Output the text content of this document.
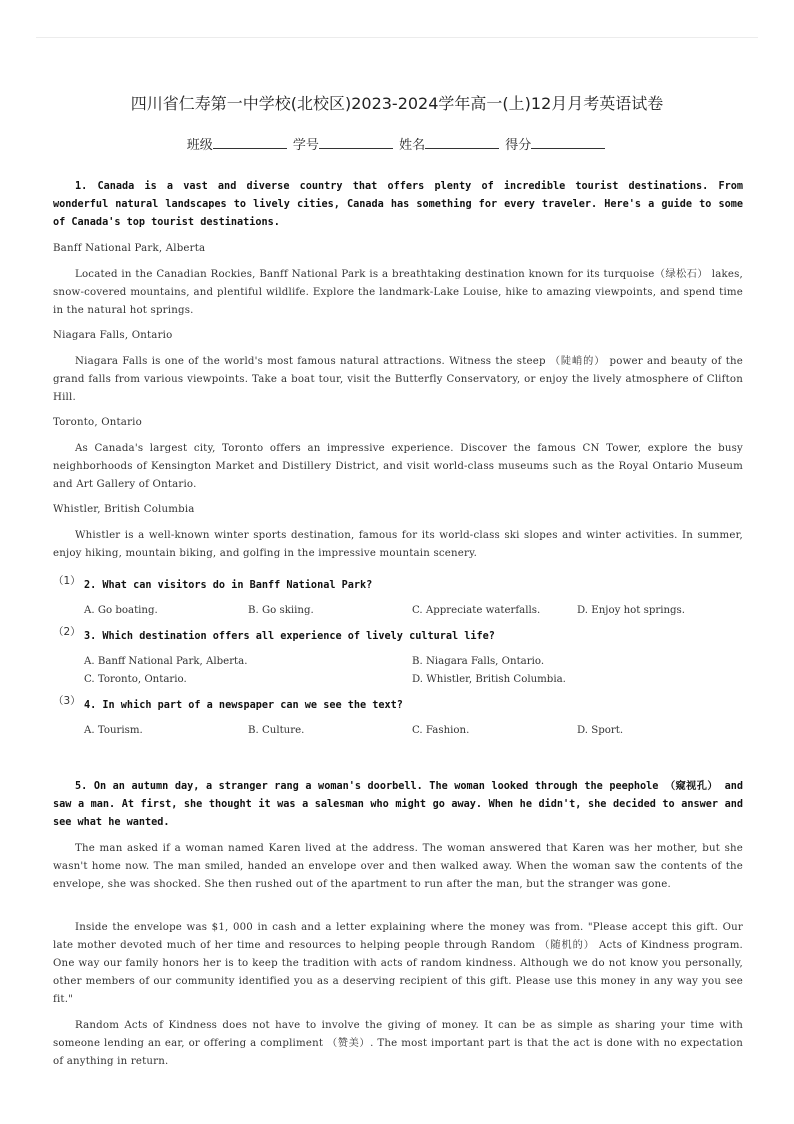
四川省仁寿第一中学校(北校区)2023-2024学年高一(上)12月月考英语试卷
班级	学号	姓名	得分
1. Canada is a vast and diverse country that offers plenty of incredible tourist destinations. From wonderful natural landscapes to lively cities, Canada has something for every traveler. Here's a guide to some of Canada's top tourist destinations.
Banff National Park, Alberta
Located in the Canadian Rockies, Banff National Park is a breathtaking destination known for its turquoise（绿松石） lakes, snow-covered mountains, and plentiful wildlife. Explore the landmark-Lake Louise, hike to amazing viewpoints, and spend time in the natural hot springs.
Niagara Falls, Ontario
Niagara Falls is one of the world's most famous natural attractions. Witness the steep （陡峭的） power and beauty of the grand falls from various viewpoints. Take a boat tour, visit the Butterfly Conservatory, or enjoy the lively atmosphere of Clifton Hill.
Toronto, Ontario
As Canada's largest city, Toronto offers an impressive experience. Discover the famous CN Tower, explore the busy neighborhoods of Kensington Market and Distillery District, and visit world-class museums such as the Royal Ontario Museum and Art Gallery of Ontario.
Whistler, British Columbia
Whistler is a well-known winter sports destination, famous for its world-class ski slopes and winter activities. In summer, enjoy hiking, mountain biking, and golfing in the impressive mountain scenery.
（1） 2. What can visitors do in Banff National Park?
A. Go boating.	B. Go skiing.	C. Appreciate waterfalls.	D. Enjoy hot springs.
（2） 3. Which destination offers all experience of lively cultural life?
A. Banff National Park, Alberta.	B. Niagara Falls, Ontario.
C. Toronto, Ontario.	D. Whistler, British Columbia.
（3） 4. In which part of a newspaper can we see the text?
A. Tourism.	B. Culture.	C. Fashion.	D. Sport.
5. On an autumn day, a stranger rang a woman's doorbell. The woman looked through the peephole （窥视孔） and saw a man. At first, she thought it was a salesman who might go away. When he didn't, she decided to answer and see what he wanted.
The man asked if a woman named Karen lived at the address. The woman answered that Karen was her mother, but she wasn't home now. The man smiled, handed an envelope over and then walked away. When the woman saw the contents of the envelope, she was shocked. She then rushed out of the apartment to run after the man, but the stranger was gone.
Inside the envelope was $1, 000 in cash and a letter explaining where the money was from. "Please accept this gift. Our late mother devoted much of her time and resources to helping people through Random （随机的） Acts of Kindness program. One way our family honors her is to keep the tradition with acts of random kindness. Although we do not know you personally, other members of our community identified you as a deserving recipient of this gift. Please use this money in any way you see fit."
Random Acts of Kindness does not have to involve the giving of money. It can be as simple as sharing your time with someone lending an ear, or offering a compliment （赞美）. The most important part is that the act is done with no expectation of anything in return.
